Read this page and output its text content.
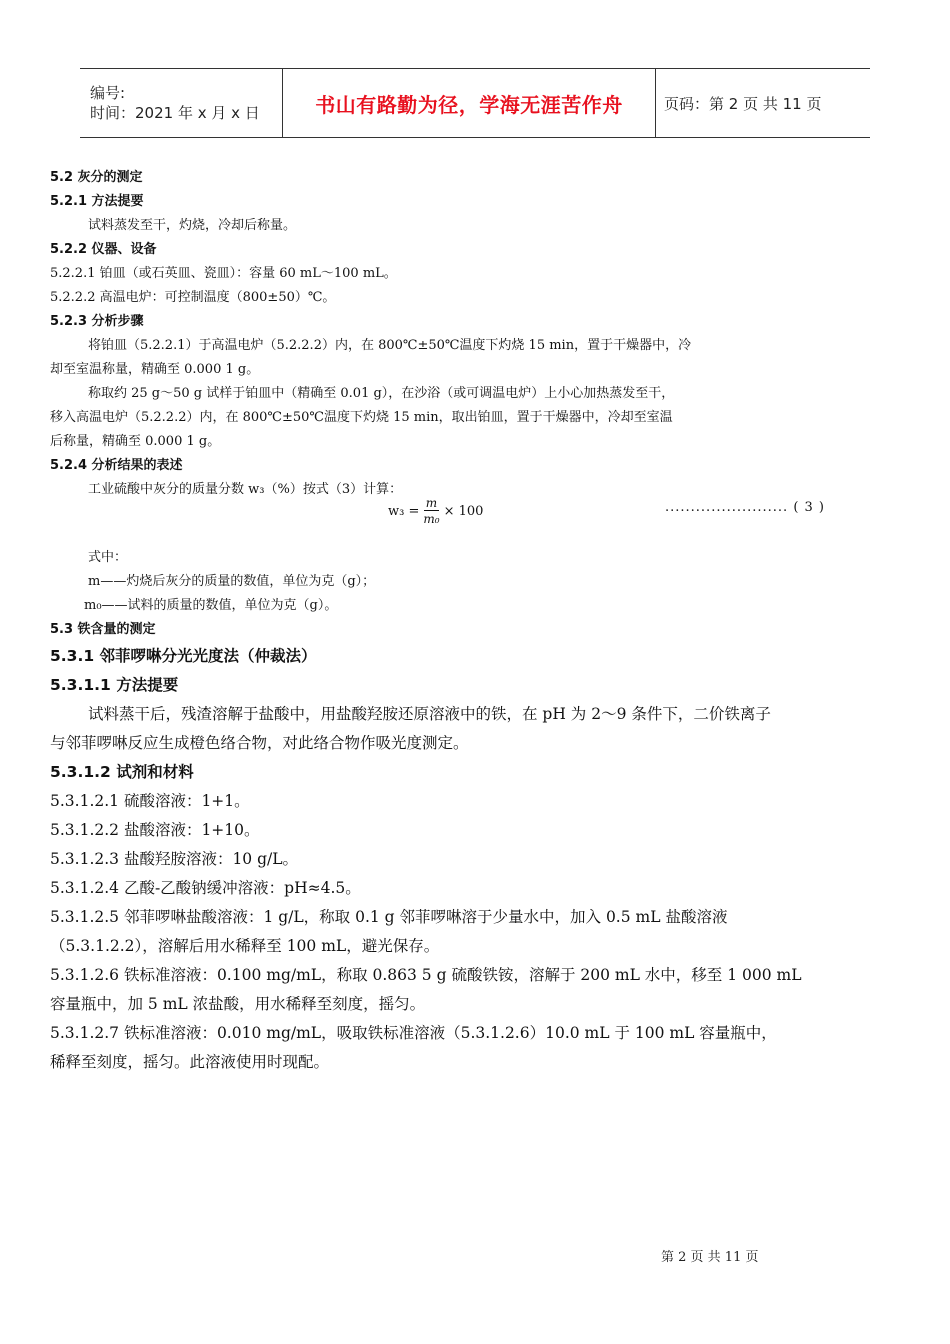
编号:
时间：2021 年 x 月 x 日	书山有路勤为径，学海无涯苦作舟	页码：第 2 页 共 11 页
5.2 灰分的测定
5.2.1 方法提要
试料蒸发至干，灼烧，冷却后称量。
5.2.2 仪器、设备
5.2.2.1 铂皿（或石英皿、瓷皿）：容量 60 mL～100 mL。
5.2.2.2 高温电炉：可控制温度（800±50）℃。
5.2.3 分析步骤
将铂皿（5.2.2.1）于高温电炉（5.2.2.2）内，在 800℃±50℃温度下灼烧 15 min，置于干燥器中，冷
却至室温称量，精确至 0.000 1 g。
称取约 25 g～50 g 试样于铂皿中（精确至 0.01 g），在沙浴（或可调温电炉）上小心加热蒸发至干，
移入高温电炉（5.2.2.2）内，在 800℃±50℃温度下灼烧 15 min，取出铂皿，置于干燥器中，冷却至室温
后称量，精确至 0.000 1 g。
5.2.4 分析结果的表述
工业硫酸中灰分的质量分数 w₃（%）按式（3）计算：
$w_3 = \frac{m}{\text{m₀}} \times 100$	........................ ( 3 )
式中：
m——灼烧后灰分的质量的数值，单位为克（g）；
m₀——试料的质量的数值，单位为克（g）。
5.3 铁含量的测定
5.3.1 邻菲啰啉分光光度法（仲裁法）
5.3.1.1 方法提要
试料蒸干后，残渣溶解于盐酸中，用盐酸羟胺还原溶液中的铁，在 pH 为 2～9 条件下，二价铁离子
与邻菲啰啉反应生成橙色络合物，对此络合物作吸光度测定。
5.3.1.2 试剂和材料
5.3.1.2.1 硫酸溶液：1+1。
5.3.1.2.2 盐酸溶液：1+10。
5.3.1.2.3 盐酸羟胺溶液：10 g/L。
5.3.1.2.4 乙酸-乙酸钠缓冲溶液：pH≈4.5。
5.3.1.2.5 邻菲啰啉盐酸溶液：1 g/L，称取 0.1 g 邻菲啰啉溶于少量水中，加入 0.5 mL 盐酸溶液
（5.3.1.2.2），溶解后用水稀释至 100 mL，避光保存。
5.3.1.2.6 铁标准溶液：0.100 mg/mL，称取 0.863 5 g 硫酸铁铵，溶解于 200 mL 水中，移至 1 000 mL
容量瓶中，加 5 mL 浓盐酸，用水稀释至刻度，摇匀。
5.3.1.2.7 铁标准溶液：0.010 mg/mL，吸取铁标准溶液（5.3.1.2.6）10.0 mL 于 100 mL 容量瓶中，
稀释至刻度，摇匀。此溶液使用时现配。
第 2 页 共 11 页
